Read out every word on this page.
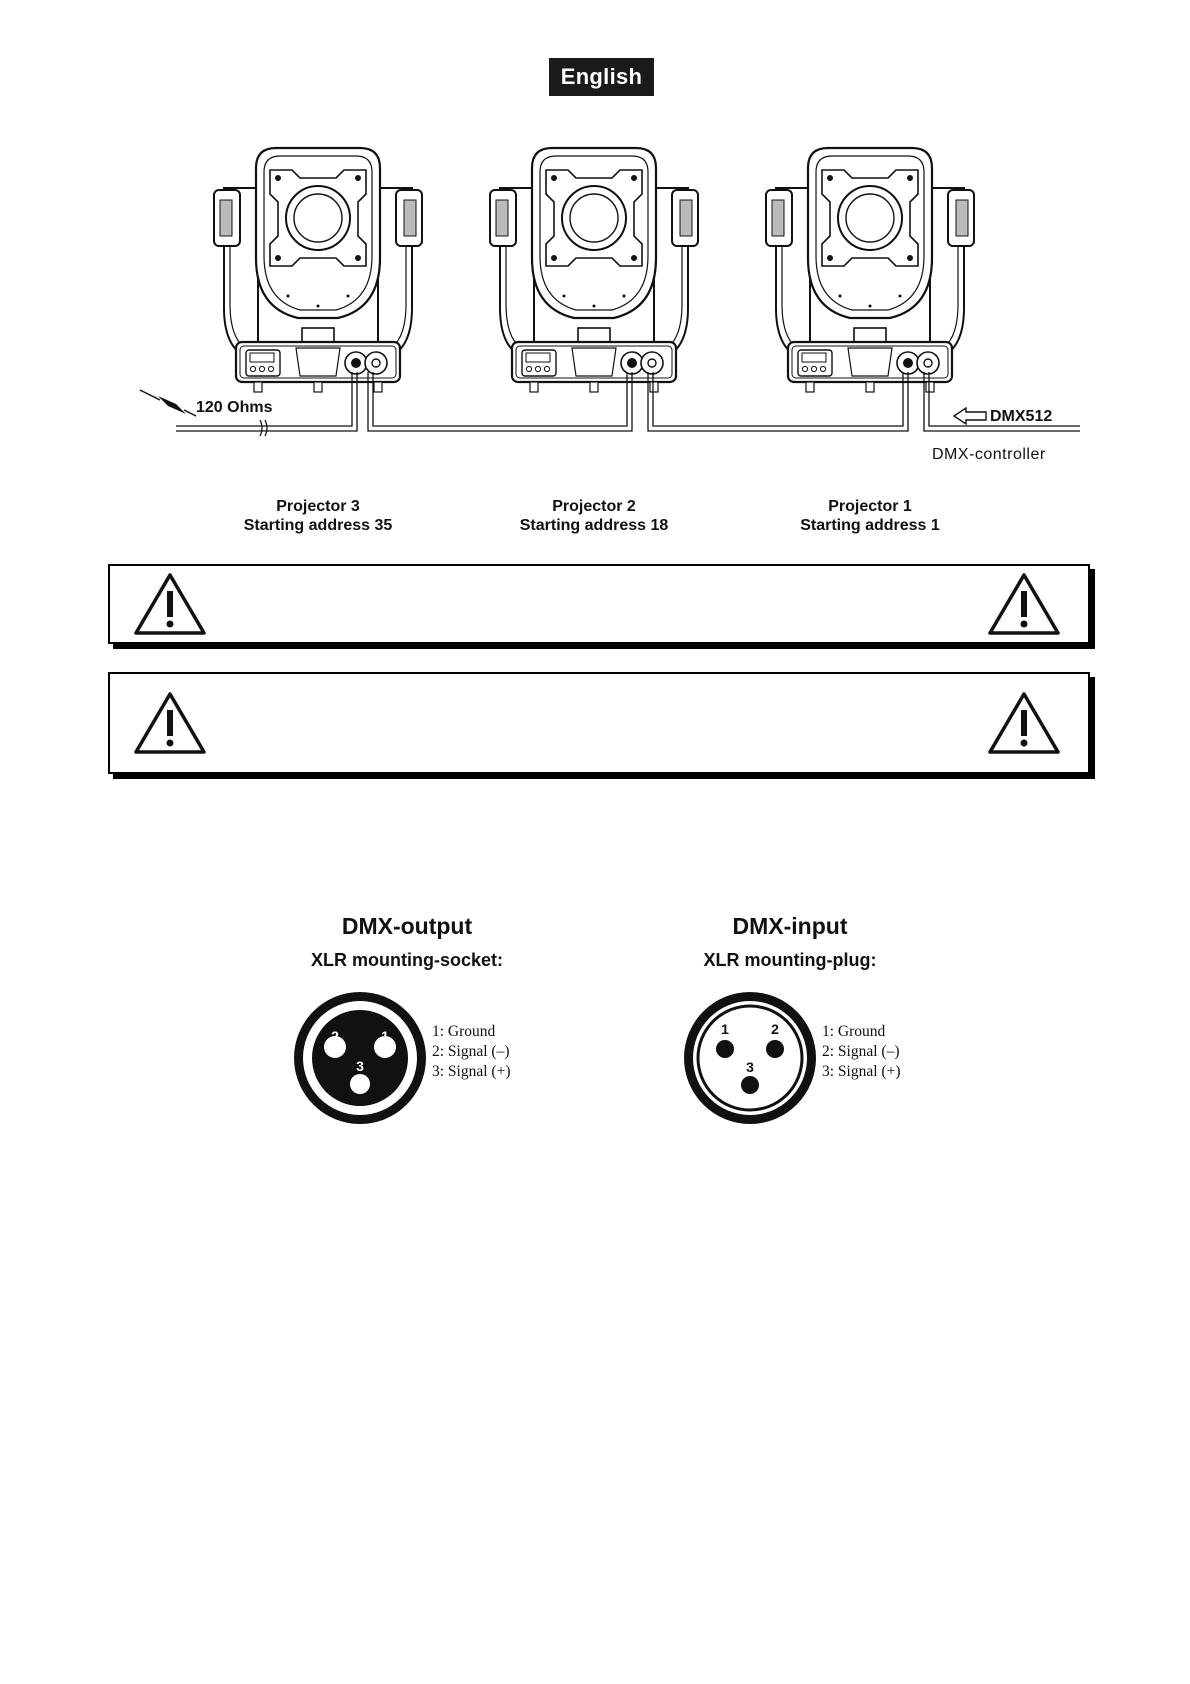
English
120 Ohms
DMX512
DMX-controller
Projector 3
Starting address 35
Projector 2
Starting address 18
Projector 1
Starting address 1
DMX-output
XLR mounting-socket:
2	1
3
1: Ground
2: Signal (–)
3: Signal (+)
DMX-input
XLR mounting-plug:
1	2
3
1: Ground
2: Signal (–)
3: Signal (+)
